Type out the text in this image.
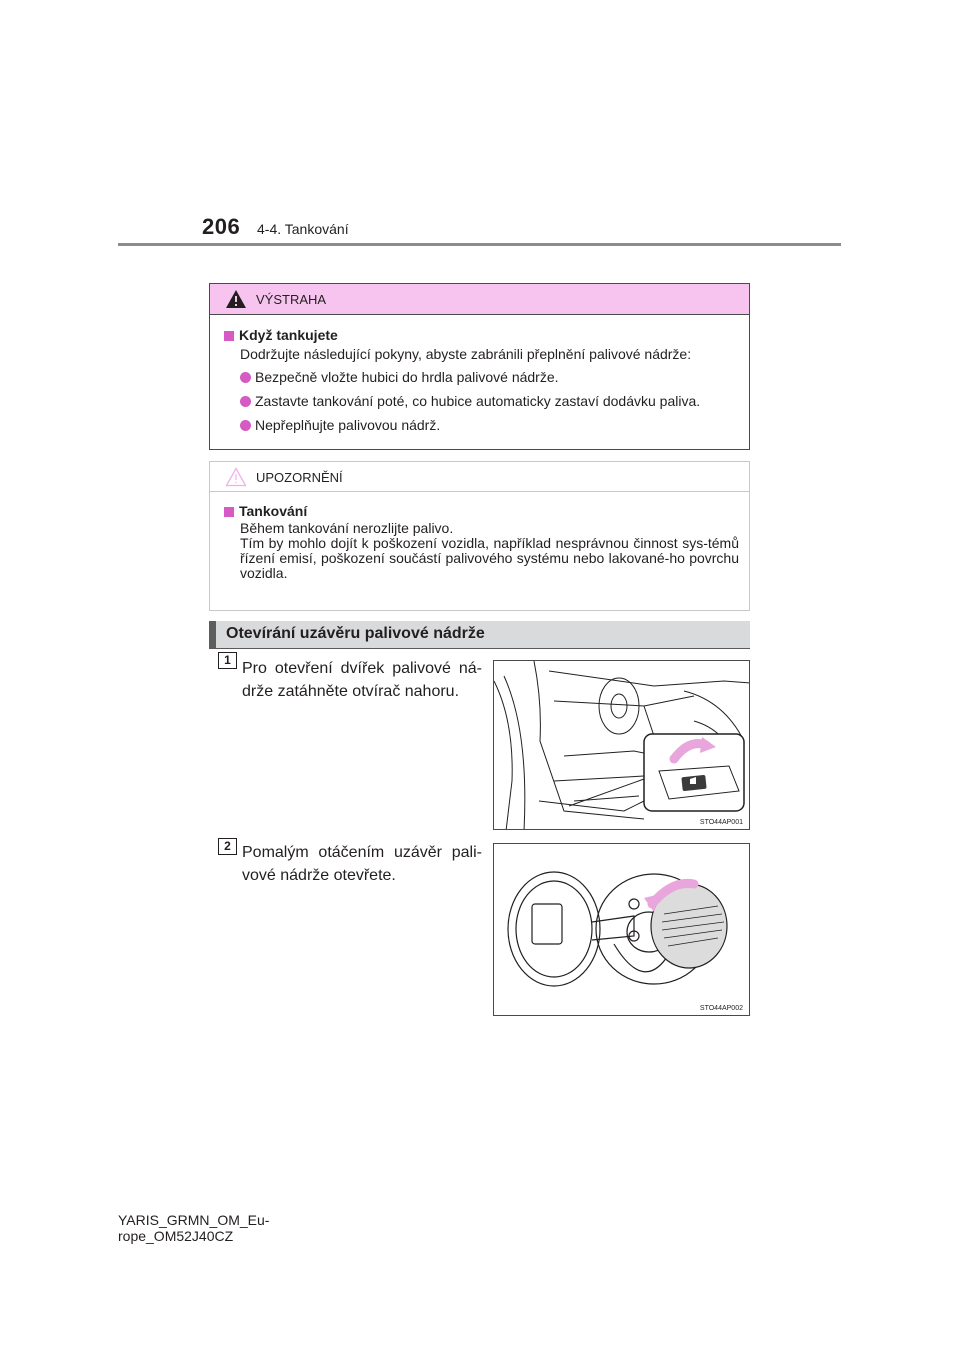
206 4-4. Tankování
VÝSTRAHA
Když tankujete
Dodržujte následující pokyny, abyste zabránili přeplnění palivové nádrže:
Bezpečně vložte hubici do hrdla palivové nádrže.
Zastavte tankování poté, co hubice automaticky zastaví dodávku paliva.
Nepřeplňujte palivovou nádrž.
UPOZORNĚNÍ
Tankování
Během tankování nerozlijte palivo.
Tím by mohlo dojít k poškození vozidla, například nesprávnou činnost sys-témů řízení emisí, poškození součástí palivového systému nebo lakované-ho povrchu vozidla.
Otevírání uzávěru palivové nádrže
1 Pro otevření dvířek palivové ná-drže zatáhněte otvírač nahoru.
STO44AP001
2 Pomalým otáčením uzávěr pali-vové nádrže otevřete.
STO44AP002
YARIS_GRMN_OM_Eu-
rope_OM52J40CZ
